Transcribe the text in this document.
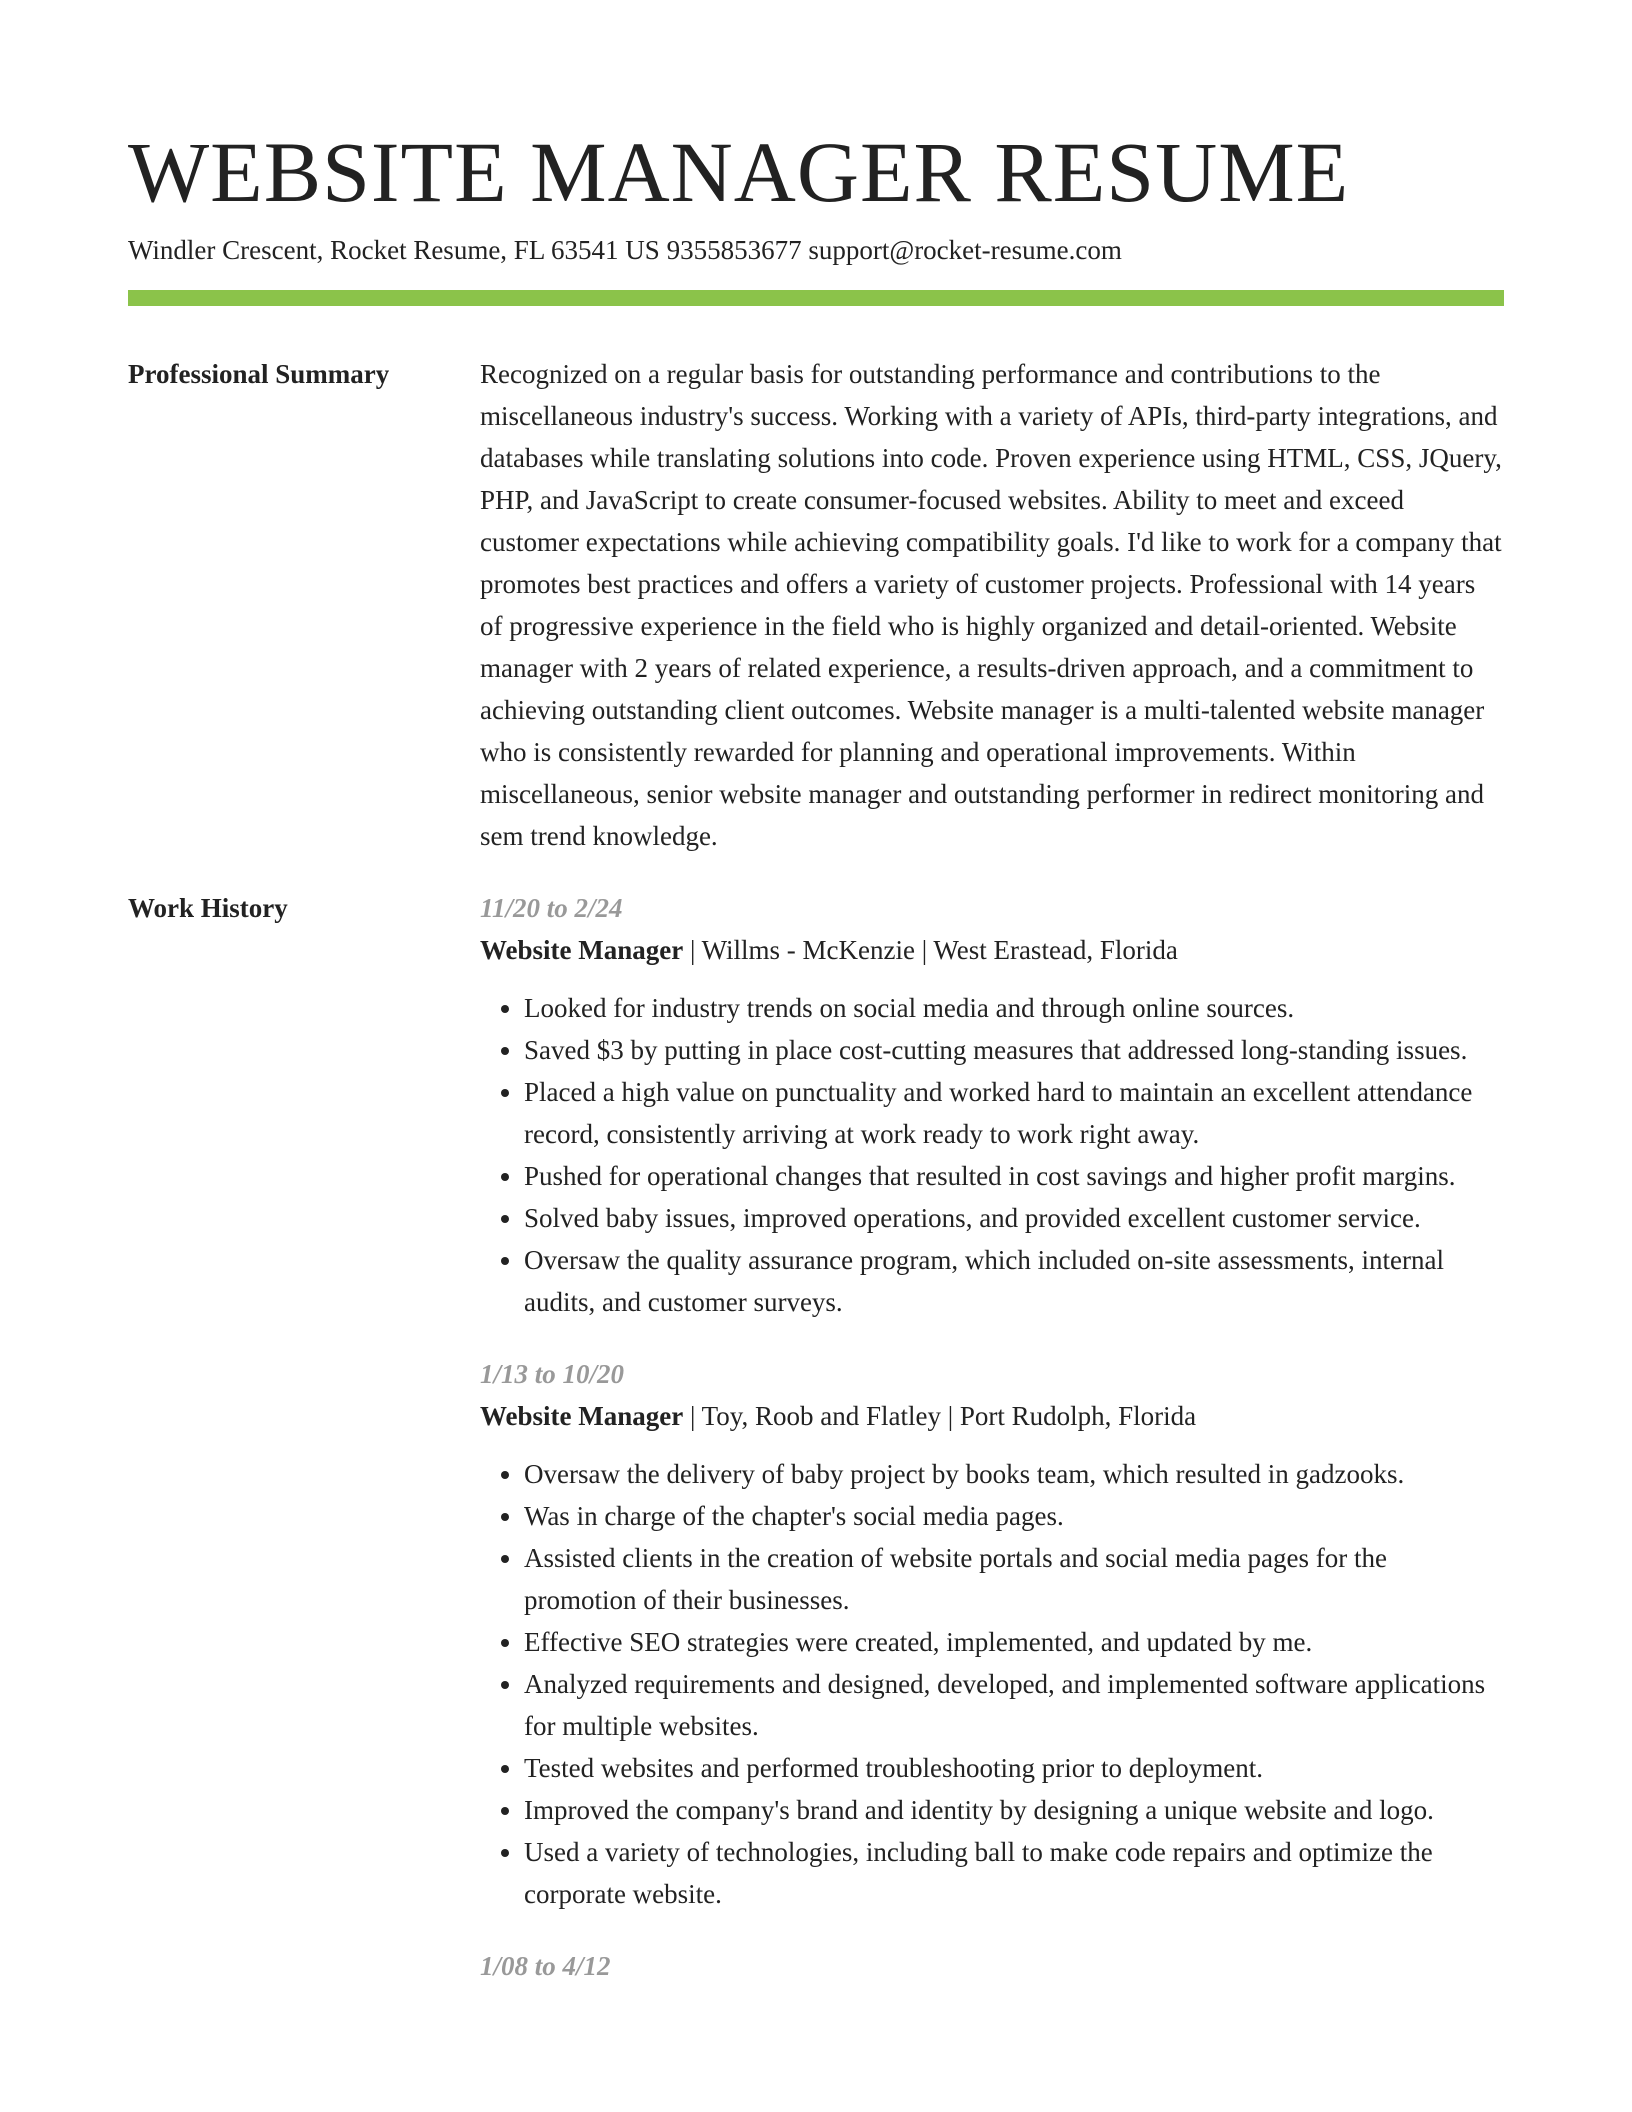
WEBSITE MANAGER RESUME
Windler Crescent, Rocket Resume, FL 63541 US 9355853677 support@rocket-resume.com
Professional Summary	Recognized on a regular basis for outstanding performance and contributions to the miscellaneous industry's success. Working with a variety of APIs, third-party integrations, and databases while translating solutions into code. Proven experience using HTML, CSS, JQuery, PHP, and JavaScript to create consumer-focused websites. Ability to meet and exceed customer expectations while achieving compatibility goals. I'd like to work for a company that promotes best practices and offers a variety of customer projects. Professional with 14 years of progressive experience in the field who is highly organized and detail-oriented. Website manager with 2 years of related experience, a results-driven approach, and a commitment to achieving outstanding client outcomes. Website manager is a multi-talented website manager who is consistently rewarded for planning and operational improvements. Within miscellaneous, senior website manager and outstanding performer in redirect monitoring and sem trend knowledge.

Work History	11/20 to 2/24
Website Manager | Willms - McKenzie | West Erastead, Florida
• Looked for industry trends on social media and through online sources.
• Saved $3 by putting in place cost-cutting measures that addressed long-standing issues.
• Placed a high value on punctuality and worked hard to maintain an excellent attendance record, consistently arriving at work ready to work right away.
• Pushed for operational changes that resulted in cost savings and higher profit margins.
• Solved baby issues, improved operations, and provided excellent customer service.
• Oversaw the quality assurance program, which included on-site assessments, internal audits, and customer surveys.
1/13 to 10/20
Website Manager | Toy, Roob and Flatley | Port Rudolph, Florida
• Oversaw the delivery of baby project by books team, which resulted in gadzooks.
• Was in charge of the chapter's social media pages.
• Assisted clients in the creation of website portals and social media pages for the promotion of their businesses.
• Effective SEO strategies were created, implemented, and updated by me.
• Analyzed requirements and designed, developed, and implemented software applications for multiple websites.
• Tested websites and performed troubleshooting prior to deployment.
• Improved the company's brand and identity by designing a unique website and logo.
• Used a variety of technologies, including ball to make code repairs and optimize the corporate website.
1/08 to 4/12
